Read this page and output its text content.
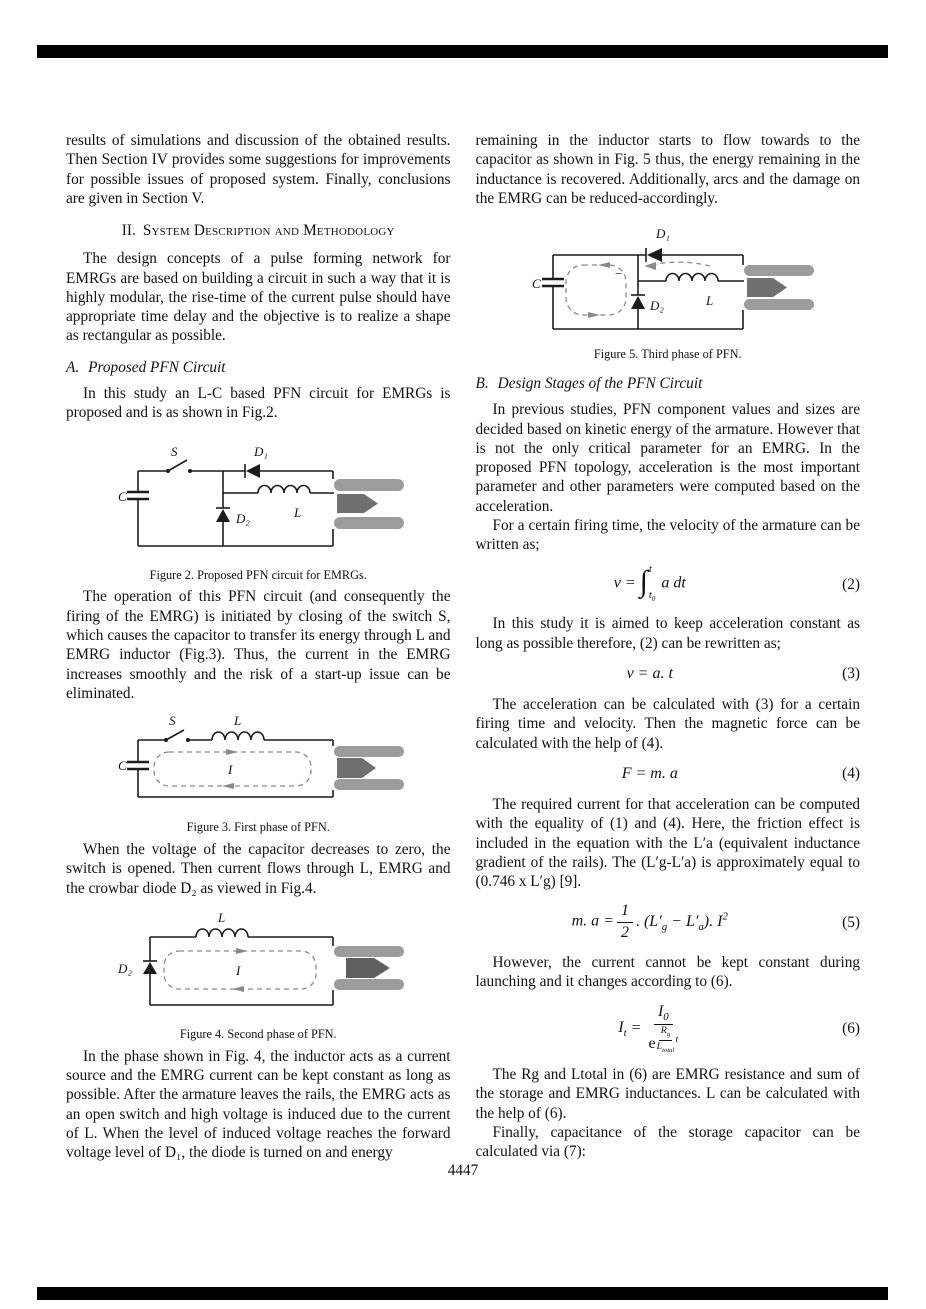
results of simulations and discussion of the obtained results. Then Section IV provides some suggestions for improvements for possible issues of proposed system. Finally, conclusions are given in Section V.

II. System Description and Methodology

The design concepts of a pulse forming network for EMRGs are based on building a circuit in such a way that it is highly modular, the rise-time of the current pulse should have appropriate time delay and the objective is to realize a shape as rectangular as possible.

A. Proposed PFN Circuit

In this study an L-C based PFN circuit for EMRGs is proposed and is as shown in Fig.2.

C
S	D₁
D₂	L
Figure 2. Proposed PFN circuit for EMRGs.

The operation of this PFN circuit (and consequently the firing of the EMRG) is initiated by closing of the switch S, which causes the capacitor to transfer its energy through L and EMRG inductor (Fig.3). Thus, the current in the EMRG increases smoothly and the risk of a start-up issue can be eliminated.

C
S	L
I
Figure 3. First phase of PFN.

When the voltage of the capacitor decreases to zero, the switch is opened. Then current flows through L, EMRG and the crowbar diode D₂ as viewed in Fig.4.

L
D₂	I
Figure 4. Second phase of PFN.

In the phase shown in Fig. 4, the inductor acts as a current source and the EMRG current can be kept constant as long as possible. After the armature leaves the rails, the EMRG acts as an open switch and high voltage is induced due to the current of L. When the level of induced voltage reaches the forward voltage level of D₁, the diode is turned on and energy

remaining in the inductor starts to flow towards to the capacitor as shown in Fig. 5 thus, the energy remaining in the inductance is recovered. Additionally, arcs and the damage on the EMRG can be reduced-accordingly.

C
D₁
D₂	L
−
Figure 5. Third phase of PFN.
B. Design Stages of the PFN Circuit

In previous studies, PFN component values and sizes are decided based on kinetic energy of the armature. However that is not the only critical parameter for an EMRG. In the proposed PFN topology, acceleration is the most important parameter and other parameters were computed based on the acceleration.

For a certain firing time, the velocity of the armature can be written as;

v = ∫ t
$t_0$
a dt	(2)

In this study it is aimed to keep acceleration constant as long as possible therefore, (2) can be rewritten as;

v = a. t	(3)

The acceleration can be calculated with (3) for a certain firing time and velocity. Then the magnetic force can be calculated with the help of (4).

F = m. a	(4)

The required current for that acceleration can be computed with the equality of (1) and (4). Here, the friction effect is included in the equation with the L′a (equivalent inductance gradient of the rails). The (L′g-L′a) is approximately equal to (0.746 x L′g) [9].

m. $a = \frac{1}{2}$ . $(L'_g - L'_a)$. $I^2$	(5)

However, the current cannot be kept constant during launching and it changes according to (6).

$I_t = I_0$
e $^{\frac{R_g}{L_{total}} t}$	(6)

The Rg and Ltotal in (6) are EMRG resistance and sum of the storage and EMRG inductances. L can be calculated with the help of (6).

Finally, capacitance of the storage capacitor can be calculated via (7):

4447
